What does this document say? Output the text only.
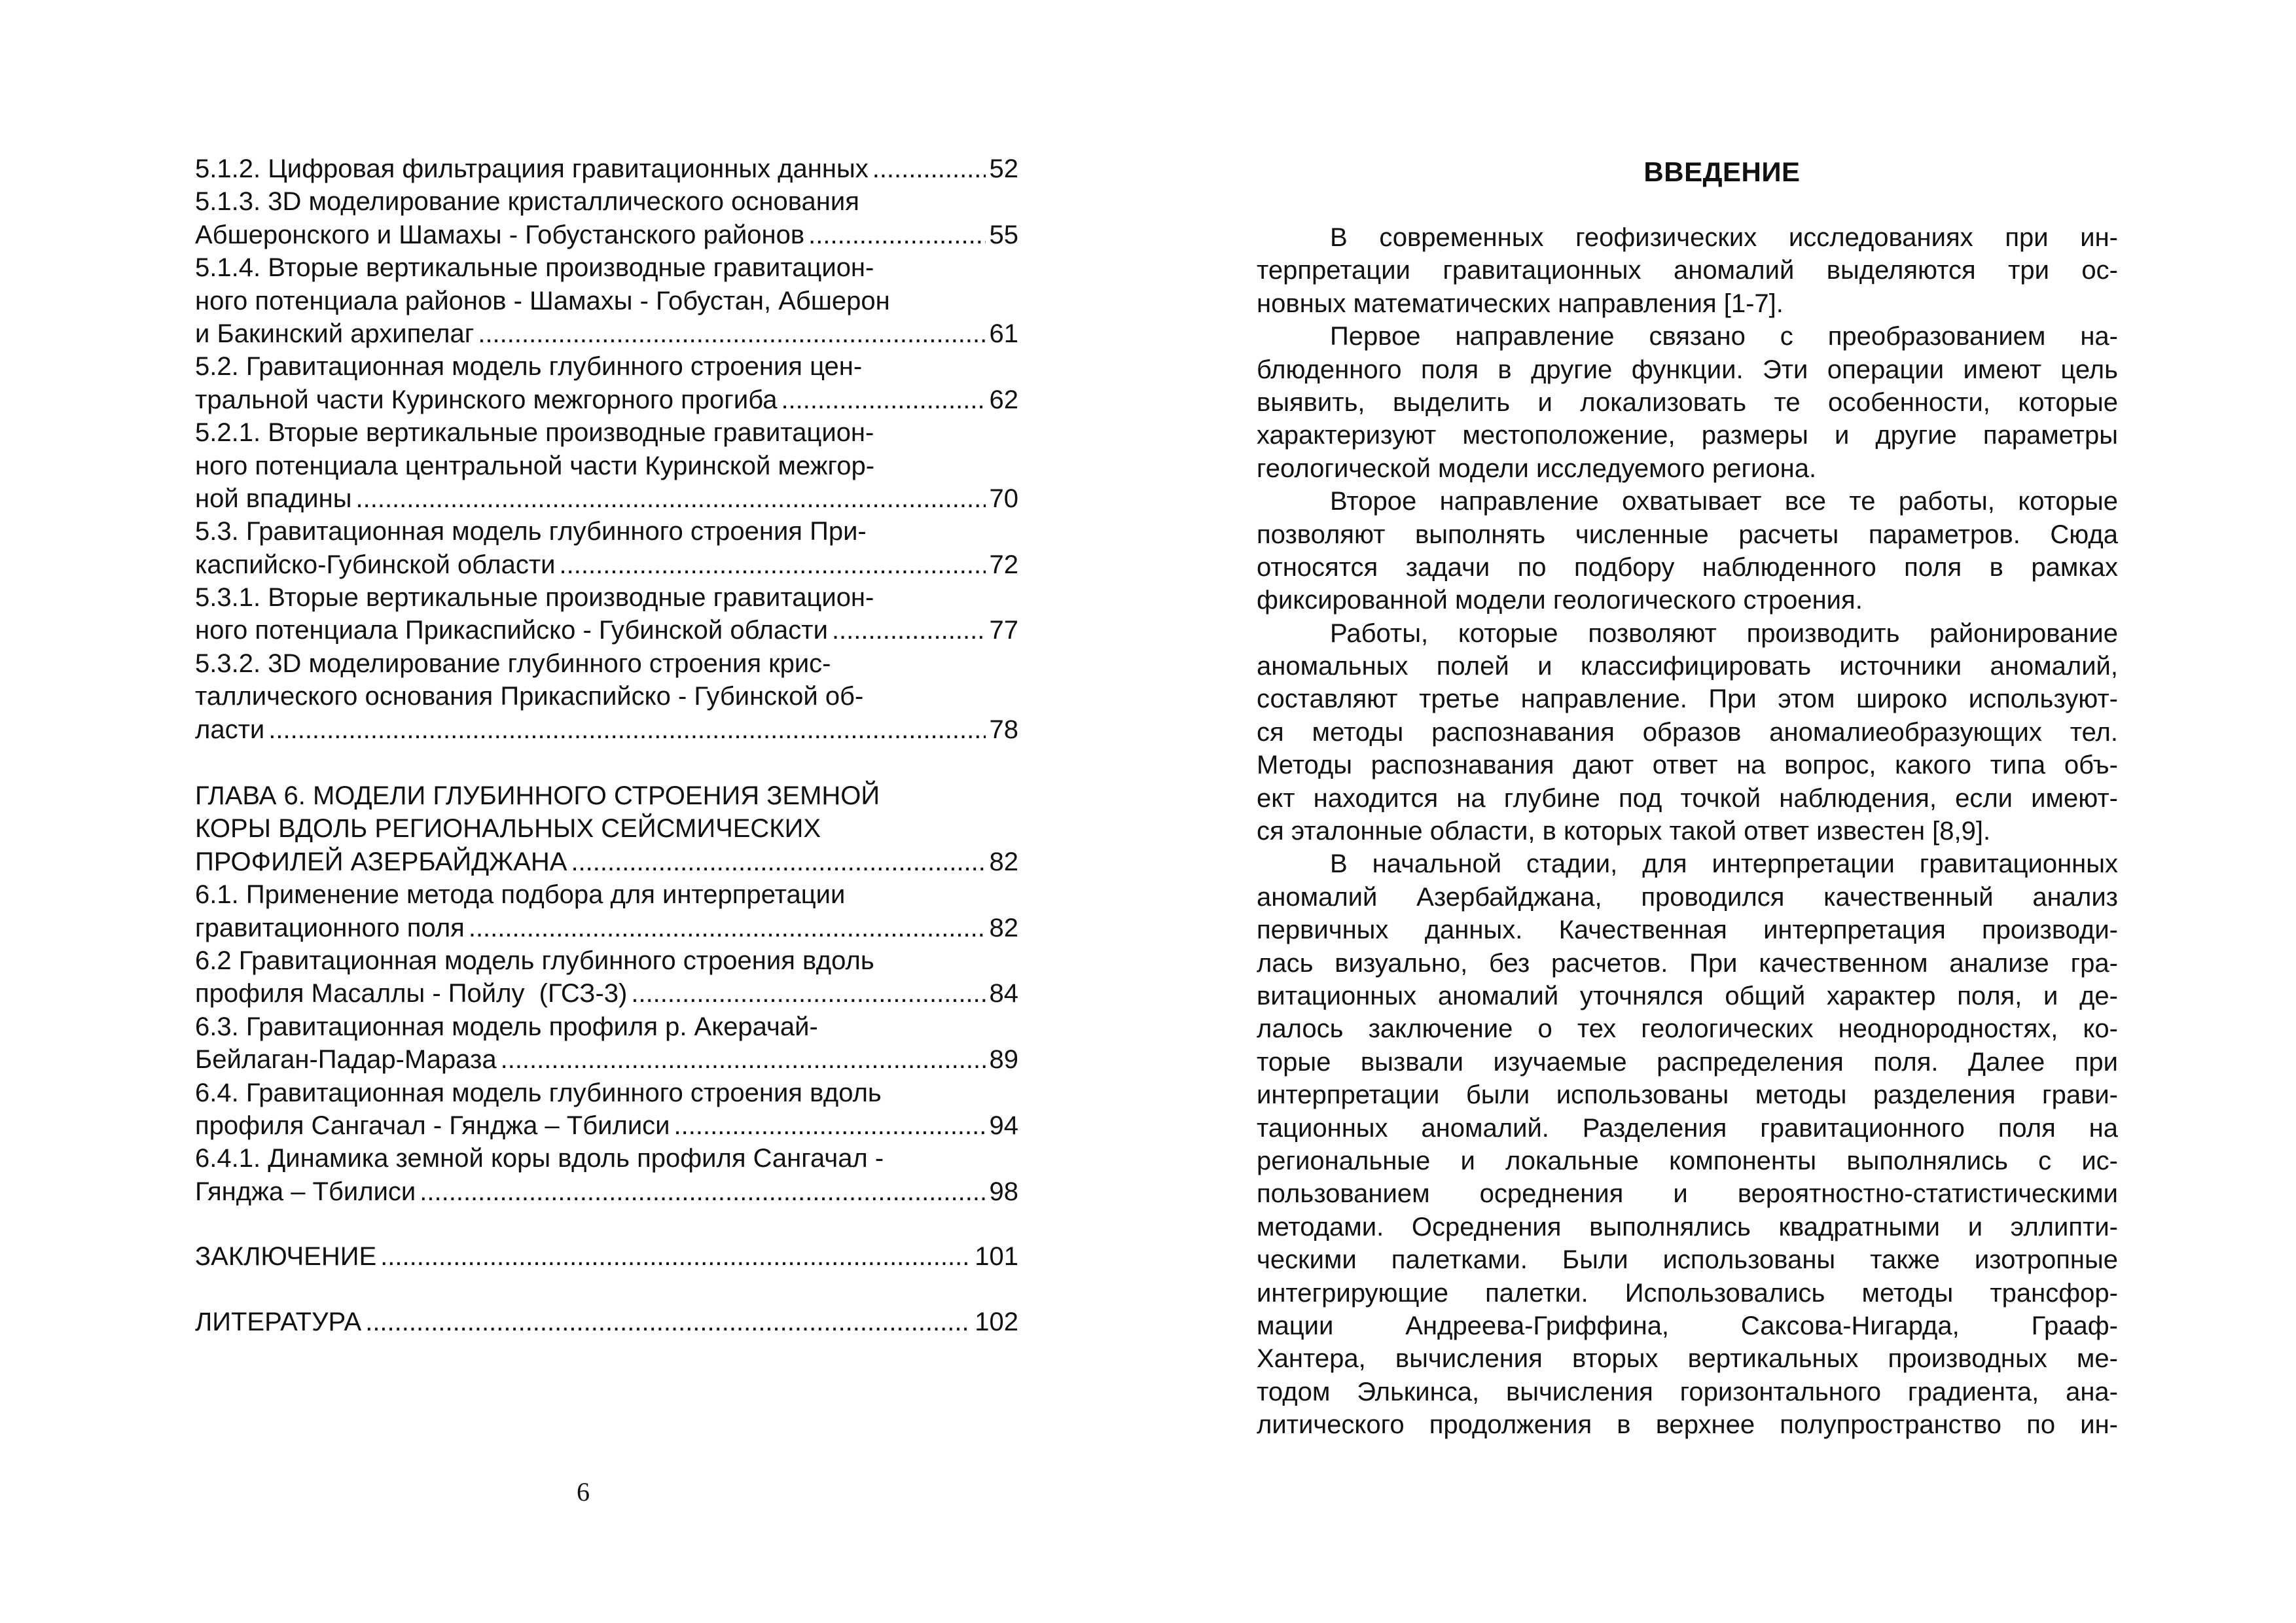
5.1.2. Цифровая фильтрациия гравитационных данных .....	52
5.1.3. 3D моделирование кристаллического основания
Абшеронского и Шамахы - Гобустанского районов .....	55
5.1.4. Вторые вертикальные производные гравитацион-
ного потенциала районов - Шамахы - Гобустан, Абшерон
и Бакинский архипелаг .....	61
5.2. Гравитационная модель глубинного строения цен-
тральной части Куринского межгорного прогиба .....	62
5.2.1. Вторые вертикальные производные гравитацион-
ного потенциала центральной части Куринской межгор-
ной впадины .....	70
5.3. Гравитационная модель глубинного строения При-
каспийско-Губинской области .....	72
5.3.1. Вторые вертикальные производные гравитацион-
ного потенциала Прикаспийско - Губинской области .....	77
5.3.2. 3D моделирование глубинного строения крис-
таллического основания Прикаспийско - Губинской об-
ласти .....	78
ГЛАВА 6. МОДЕЛИ ГЛУБИННОГО СТРОЕНИЯ ЗЕМНОЙ
КОРЫ ВДОЛЬ РЕГИОНАЛЬНЫХ СЕЙСМИЧЕСКИХ
ПРОФИЛЕЙ АЗЕРБАЙДЖАНА .....	82
6.1. Применение метода подбора для интерпретации
гравитационного поля .....	82
6.2 Гравитационная модель глубинного строения вдоль
профиля Масаллы - Пойлу  (ГСЗ-3) .....	84
6.3. Гравитационная модель профиля р. Акерачай-
Бейлаган-Падар-Мараза .....	89
6.4. Гравитационная модель глубинного строения вдоль
профиля Сангачал - Гянджа – Тбилиси .....	94
6.4.1. Динамика земной коры вдоль профиля Сангачал -
Гянджа – Тбилиси .....	98
ЗАКЛЮЧЕНИЕ .....	101
ЛИТЕРАТУРА .....	102
6
ВВЕДЕНИЕ
В современных геофизических исследованиях при ин-
терпретации гравитационных аномалий выделяются три ос-
новных математических направления [1-7].
Первое направление связано с преобразованием на-
блюденного поля в другие функции. Эти операции имеют цель
выявить, выделить и локализовать те особенности, которые
характеризуют местоположение, размеры и другие параметры
геологической модели исследуемого региона.
Второе направление охватывает все те работы, которые
позволяют выполнять численные расчеты параметров. Сюда
относятся задачи по подбору наблюденного поля в рамках
фиксированной модели геологического строения.
Работы, которые позволяют производить районирование
аномальных полей и классифицировать источники аномалий,
составляют третье направление. При этом широко используют-
ся методы распознавания образов аномалиеобразующих тел.
Методы распознавания дают ответ на вопрос, какого типа объ-
ект находится на глубине под точкой наблюдения, если имеют-
ся эталонные области, в которых такой ответ известен [8,9].
В начальной стадии, для интерпретации гравитационных
аномалий Азербайджана, проводился качественный анализ
первичных данных. Качественная интерпретация производи-
лась визуально, без расчетов. При качественном анализе гра-
витационных аномалий уточнялся общий характер поля, и де-
лалось заключение о тех геологических неоднородностях, ко-
торые вызвали изучаемые распределения поля. Далее при
интерпретации были использованы методы разделения грави-
тационных аномалий. Разделения гравитационного поля на
региональные и локальные компоненты выполнялись с ис-
пользованием осреднения и вероятностно-статистическими
методами. Осреднения выполнялись квадратными и эллипти-
ческими палетками. Были использованы также изотропные
интегрирующие палетки. Использовались методы трансфор-
мации Андреева-Гриффина, Саксова-Нигарда, Грааф-
Хантера, вычисления вторых вертикальных производных ме-
тодом Элькинса, вычисления горизонтального градиента, ана-
литического продолжения в верхнее полупространство по ин-
